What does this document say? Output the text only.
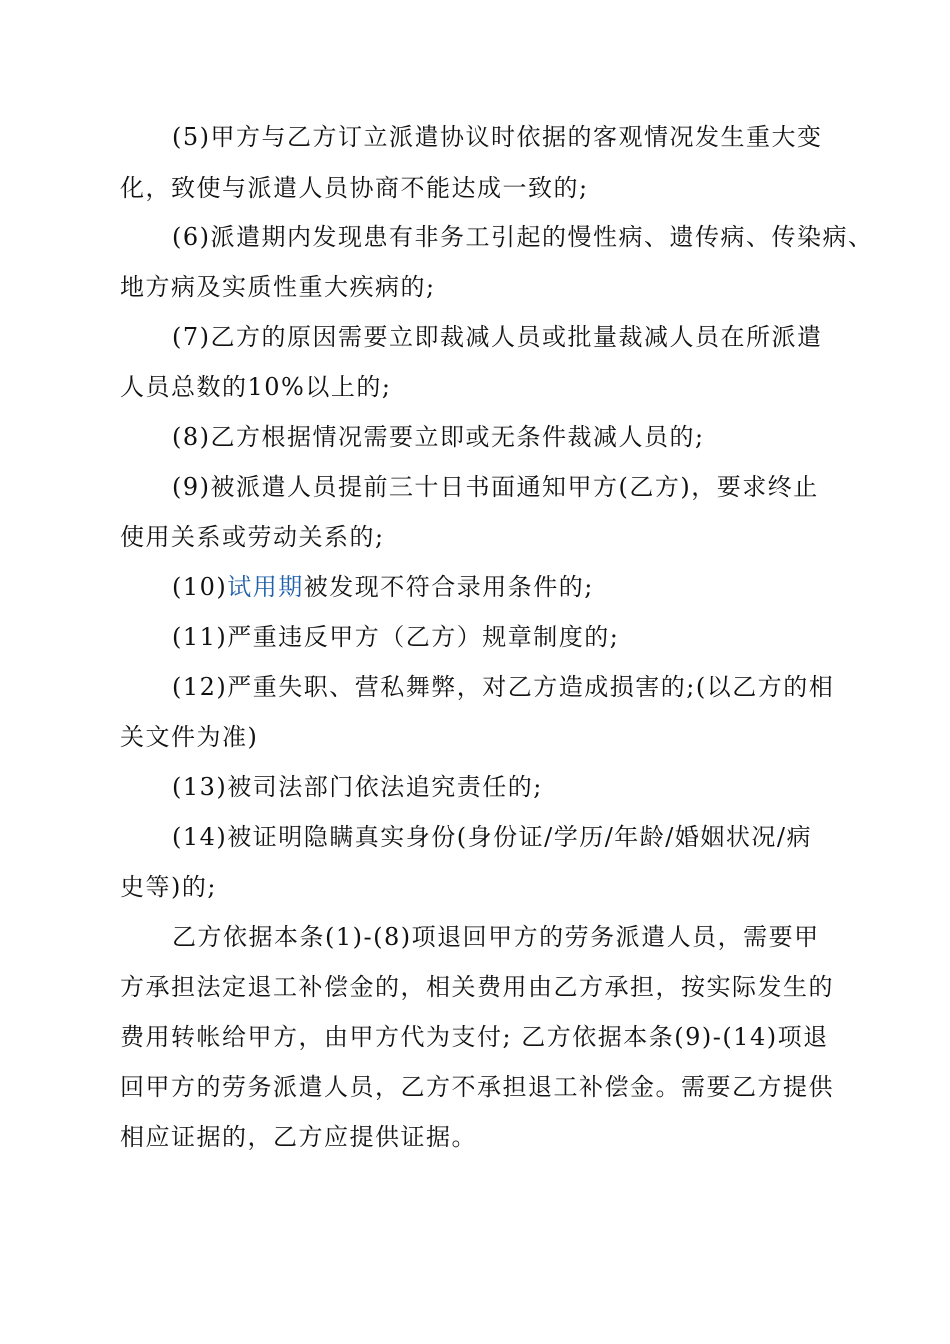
(5)甲方与乙方订立派遣协议时依据的客观情况发生重大变
化，致使与派遣人员协商不能达成一致的;
(6)派遣期内发现患有非务工引起的慢性病、遗传病、传染病、
地方病及实质性重大疾病的;
(7)乙方的原因需要立即裁减人员或批量裁减人员在所派遣
人员总数的10%以上的;
(8)乙方根据情况需要立即或无条件裁减人员的;
(9)被派遣人员提前三十日书面通知甲方(乙方)，要求终止
使用关系或劳动关系的;
(10)试用期被发现不符合录用条件的;
(11)严重违反甲方（乙方）规章制度的;
(12)严重失职、营私舞弊，对乙方造成损害的;(以乙方的相
关文件为准)
(13)被司法部门依法追究责任的;
(14)被证明隐瞒真实身份(身份证/学历/年龄/婚姻状况/病
史等)的;
乙方依据本条(1)-(8)项退回甲方的劳务派遣人员，需要甲
方承担法定退工补偿金的，相关费用由乙方承担，按实际发生的
费用转帐给甲方，由甲方代为支付; 乙方依据本条(9)-(14)项退
回甲方的劳务派遣人员，乙方不承担退工补偿金。需要乙方提供
相应证据的，乙方应提供证据。
